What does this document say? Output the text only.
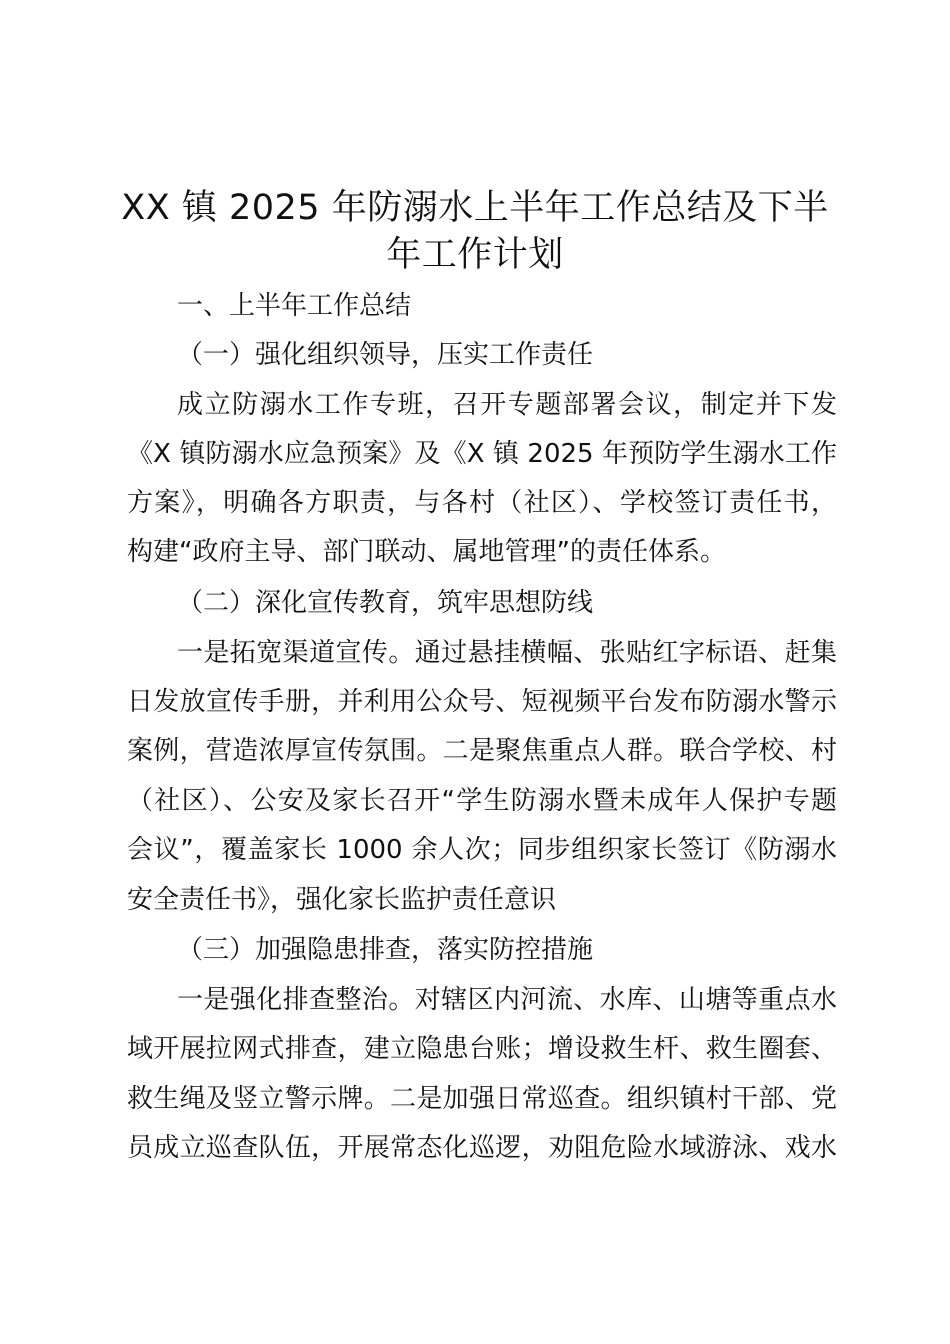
XX 镇 2025 年防溺水上半年工作总结及下半
年工作计划

一、上半年工作总结

（一）强化组织领导，压实工作责任

成立防溺水工作专班，召开专题部署会议，制定并下发

《X 镇防溺水应急预案》及《X 镇 2025 年预防学生溺水工作

方案》，明确各方职责，与各村（社区）、学校签订责任书，

构建“政府主导、部门联动、属地管理”的责任体系。

（二）深化宣传教育，筑牢思想防线

一是拓宽渠道宣传。通过悬挂横幅、张贴红字标语、赶集

日发放宣传手册，并利用公众号、短视频平台发布防溺水警示

案例，营造浓厚宣传氛围。二是聚焦重点人群。联合学校、村

（社区）、公安及家长召开“学生防溺水暨未成年人保护专题

会议”，覆盖家长 1000 余人次；同步组织家长签订《防溺水

安全责任书》，强化家长监护责任意识

（三）加强隐患排查，落实防控措施

一是强化排查整治。对辖区内河流、水库、山塘等重点水

域开展拉网式排查，建立隐患台账；增设救生杆、救生圈套、

救生绳及竖立警示牌。二是加强日常巡查。组织镇村干部、党

员成立巡查队伍，开展常态化巡逻，劝阻危险水域游泳、戏水
